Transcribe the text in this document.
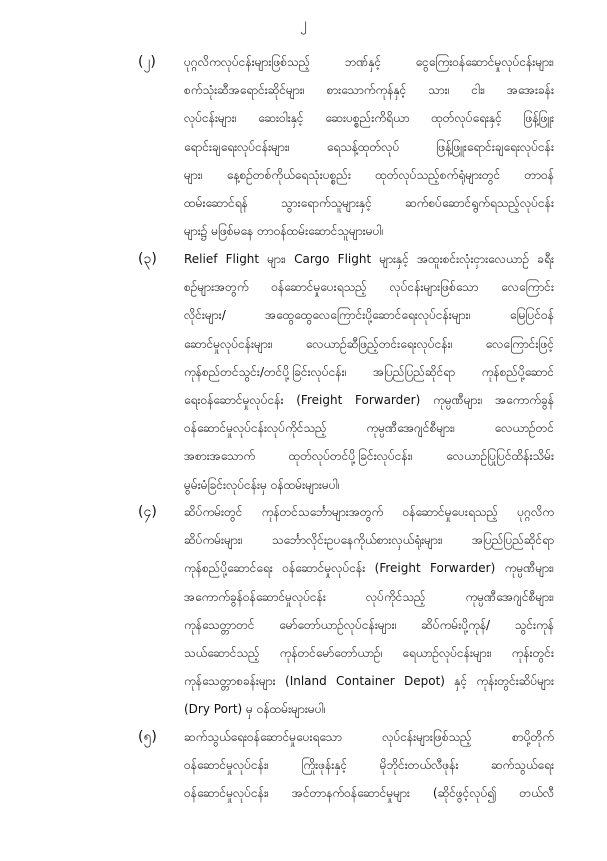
၂
(၂) ပုဂ္ဂလိကလုပ်ငန်းများဖြစ်သည့် ဘဏ်နှင့် ငွေကြေးဝန်ဆောင်မှုလုပ်ငန်းများ၊
စက်သုံးဆီအရောင်းဆိုင်များ၊ စားသောက်ကုန်နှင့် သား၊ ငါး၊ အအေးခန်း
လုပ်ငန်းများ၊ ဆေးဝါးနှင့် ဆေးပစ္စည်းကိရိယာ ထုတ်လုပ်ရေးနှင့် ဖြန့်ဖြူး
ရောင်းချရေးလုပ်ငန်းများ၊ ရေသန့်ထုတ်လုပ် ဖြန့်ဖြူးရောင်းချရေးလုပ်ငန်း
များ၊ နေ့စဉ်တစ်ကိုယ်ရေသုံးပစ္စည်း ထုတ်လုပ်သည့်စက်ရုံများတွင် တာဝန်
ထမ်းဆောင်ရန် သွားရောက်သူများနှင့် ဆက်စပ်ဆောင်ရွက်ရသည့်လုပ်ငန်း
များ၌ မဖြစ်မနေ တာဝန်ထမ်းဆောင်သူများမပါ၊
(၃) Relief Flight များ၊ Cargo Flight များနှင့် အထူးစင်းလုံးငှားလေယာဉ် ခရီး
စဉ်များအတွက် ဝန်ဆောင်မှုပေးရသည့် လုပ်ငန်းများဖြစ်သော လေကြောင်း
လိုင်းများ/ အထွေထွေလေကြောင်းပို့ဆောင်ရေးလုပ်ငန်းများ၊ မြေပြင်ဝန်
ဆောင်မှုလုပ်ငန်းများ၊ လေယာဉ်ဆီဖြည့်တင်းရေးလုပ်ငန်း၊ လေကြောင်းဖြင့်
ကုန်စည်တင်သွင်း/တင်ပို့ခြင်းလုပ်ငန်း၊ အပြည်ပြည်ဆိုင်ရာ ကုန်စည်ပို့ဆောင်
ရေးဝန်ဆောင်မှုလုပ်ငန်း (Freight Forwarder) ကုမ္ပဏီများ၊ အကောက်ခွန်
ဝန်ဆောင်မှုလုပ်ငန်းလုပ်ကိုင်သည့် ကုမ္ပဏီအေဂျင်စီများ၊ လေယာဉ်တင်
အစားအသောက် ထုတ်လုပ်တင်ပို့ခြင်းလုပ်ငန်း၊ လေယာဉ်ပြုပြင်ထိန်းသိမ်း
မွမ်းမံခြင်းလုပ်ငန်းမှ ဝန်ထမ်းများမပါ၊
(၄) ဆိပ်ကမ်းတွင် ကုန်တင်သင်္ဘောများအတွက် ဝန်ဆောင်မှုပေးရသည့် ပုဂ္ဂလိက
ဆိပ်ကမ်းများ၊ သင်္ဘောလိုင်းဥပနေကိုယ်စားလှယ်ရုံးများ၊ အပြည်ပြည်ဆိုင်ရာ
ကုန်စည်ပို့ဆောင်ရေး ဝန်ဆောင်မှုလုပ်ငန်း (Freight Forwarder) ကုမ္ပဏီများ၊
အကောက်ခွန်ဝန်ဆောင်မှုလုပ်ငန်း လုပ်ကိုင်သည့် ကုမ္ပဏီအေဂျင်စီများ၊
ကုန်သေတ္တာတင် မော်တော်ယာဉ်လုပ်ငန်းများ၊ ဆိပ်ကမ်းပို့ကုန်/ သွင်းကုန်
သယ်ဆောင်သည့် ကုန်တင်မော်တော်ယာဉ်၊ ရေယာဉ်လုပ်ငန်းများ၊ ကုန်းတွင်း
ကုန်သေတ္တာစခန်းများ (Inland Container Depot) နှင့် ကုန်းတွင်းဆိပ်များ
(Dry Port) မှ ဝန်ထမ်းများမပါ၊
(၅) ဆက်သွယ်ရေးဝန်ဆောင်မှုပေးရသော လုပ်ငန်းများဖြစ်သည့် စာပို့တိုက်
ဝန်ဆောင်မှုလုပ်ငန်း၊ ကြိုးဖုန်းနှင့် မိုဘိုင်းတယ်လီဖုန်း ဆက်သွယ်ရေး
ဝန်ဆောင်မှုလုပ်ငန်း၊ အင်တာနက်ဝန်ဆောင်မှုများ (ဆိုင်ဖွင့်လုပ်၍ တယ်လီ
